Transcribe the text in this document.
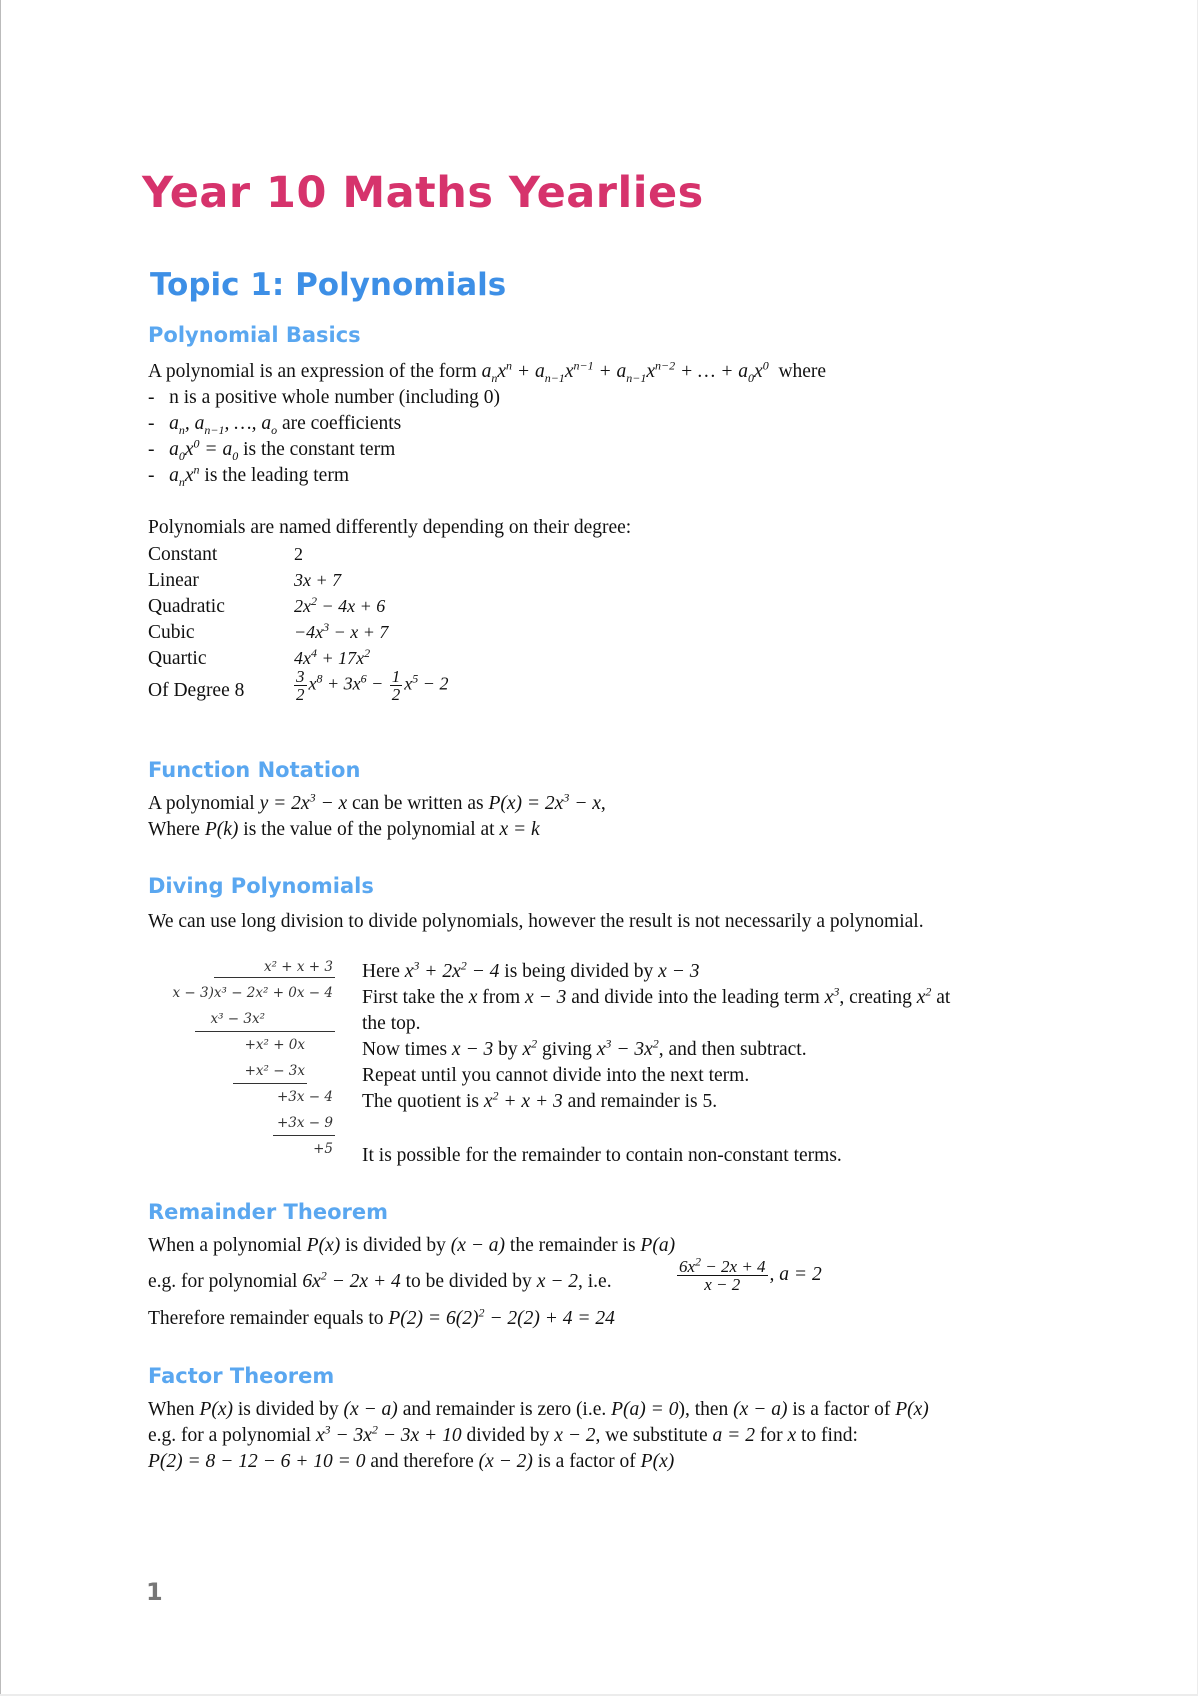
Year 10 Maths Yearlies
Topic 1: Polynomials
Polynomial Basics
A polynomial is an expression of the form $a_nx^n + a_{n-1}x^{n-1} + a_{n-1}x^{n-2}$ + … + $a_0x^0$ where
-   n is a positive whole number (including 0)
-   $a_n$, $a_{n-1}$, …, $a_o$ are coefficients
-   $a_0x^0 = a_0$ is the constant term
-   $a_nx^n$ is the leading term
Polynomials are named differently depending on their degree:
Constant	2
Linear	3x + 7
Quadratic	$2x^2 - 4x + 6$
Cubic	$-4x^3 - x + 7$
Quartic	$4x^4 + 17x^2$
Of Degree 8	$\frac{3}{2} x^8 + 3x^6 - \frac{1}{2} x^5 - 2$
Function Notation
A polynomial $y = 2x^3 - x$ can be written as $P(x) = 2x^3 - x$,
Where P(k) is the value of the polynomial at x = k
Diving Polynomials
We can use long division to divide polynomials, however the result is not necessarily a polynomial.
x² + x + 3
x − 3)x³ − 2x² + 0x − 4
x³ − 3x²
+x² + 0x
+x² − 3x
+3x − 4
+3x − 9
+5
Here $x^3 + 2x^2 - 4$ is being divided by x − 3
First take the x from x − 3 and divide into the leading term $x^3$, creating $x^2$ at
the top.
Now times x − 3 by $x^2$ giving $x^3 - 3x^2$, and then subtract.
Repeat until you cannot divide into the next term.
The quotient is $x^2 + x + 3$ and remainder is 5.
It is possible for the remainder to contain non-constant terms.
Remainder Theorem
When a polynomial P(x) is divided by (x − a) the remainder is P(a)
e.g. for polynomial $6x^2 - 2x + 4$ to be divided by x − 2, i.e.	$\frac{6x^2 - 2x + 4}{x - 2}$ , a = 2
Therefore remainder equals to $P(2) = 6(2)^2 - 2(2) + 4 = 24$
Factor Theorem
When P(x) is divided by (x − a) and remainder is zero (i.e. P(a) = 0), then (x − a) is a factor of P(x)
e.g. for a polynomial $x^3 - 3x^2 - 3x + 10$ divided by x − 2, we substitute a = 2 for x to find:
P(2) = 8 − 12 − 6 + 10 = 0 and therefore (x − 2) is a factor of P(x)
1
